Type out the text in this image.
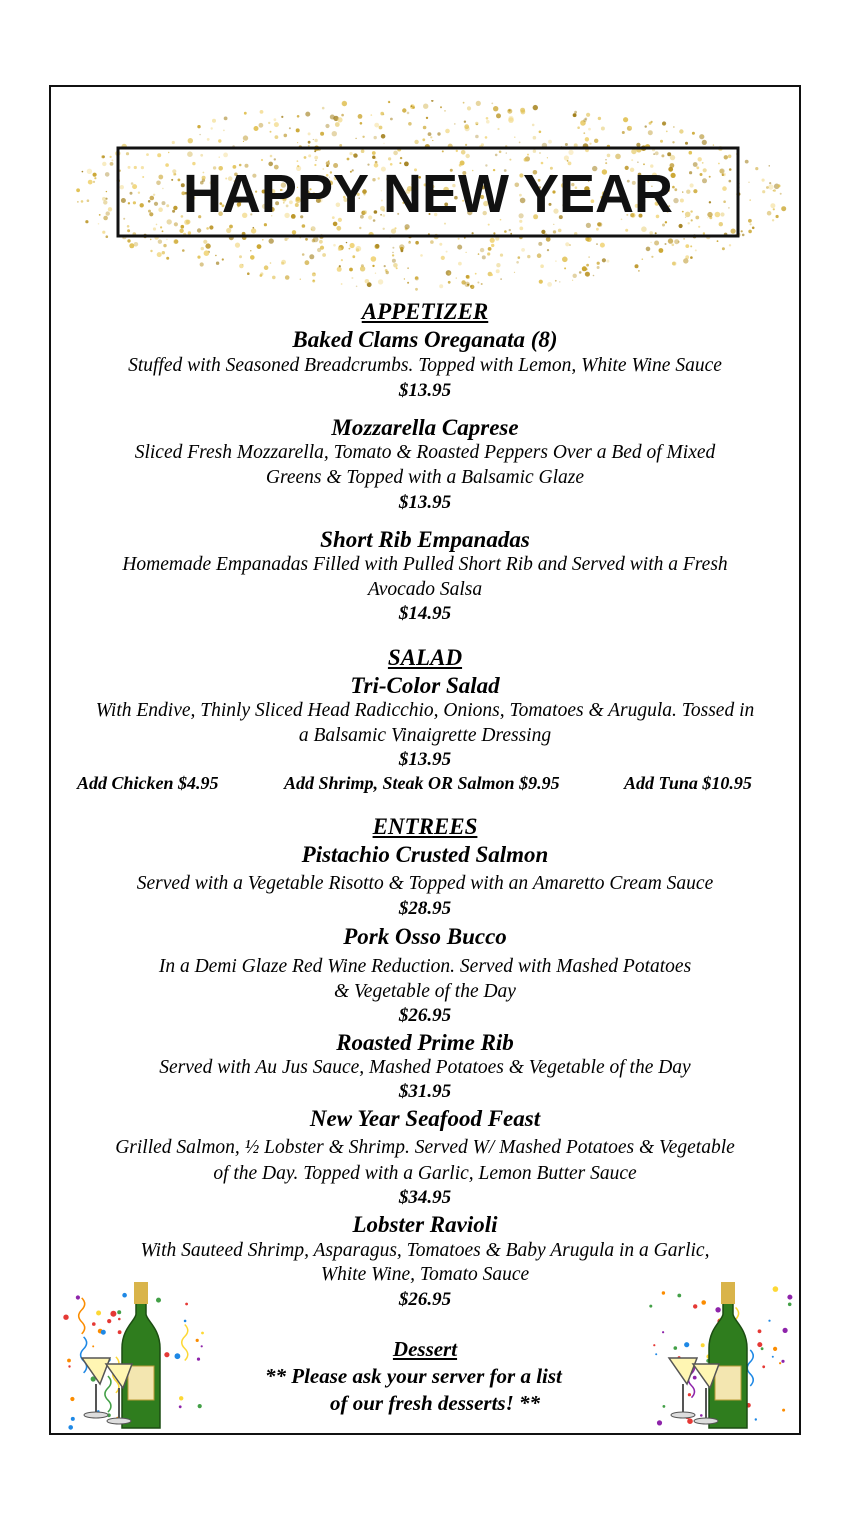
HAPPY NEW YEAR
APPETIZER
Baked Clams Oreganata (8)
Stuffed with Seasoned Breadcrumbs. Topped with Lemon, White Wine Sauce
$13.95
Mozzarella Caprese
Sliced Fresh Mozzarella, Tomato & Roasted Peppers Over a Bed of Mixed
Greens & Topped with a Balsamic Glaze
$13.95
Short Rib Empanadas
Homemade Empanadas Filled with Pulled Short Rib and Served with a Fresh
Avocado Salsa
$14.95
SALAD
Tri-Color Salad
With Endive, Thinly Sliced Head Radicchio, Onions, Tomatoes & Arugula. Tossed in
a Balsamic Vinaigrette Dressing
$13.95
Add Chicken $4.95	Add Shrimp, Steak OR Salmon $9.95	Add Tuna $10.95
ENTREES
Pistachio Crusted Salmon
Served with a Vegetable Risotto & Topped with an Amaretto Cream Sauce
$28.95
Pork Osso Bucco
In a Demi Glaze Red Wine Reduction. Served with Mashed Potatoes
& Vegetable of the Day
$26.95
Roasted Prime Rib
Served with Au Jus Sauce, Mashed Potatoes & Vegetable of the Day
$31.95
New Year Seafood Feast
Grilled Salmon, ½ Lobster & Shrimp. Served W/ Mashed Potatoes & Vegetable
of the Day. Topped with a Garlic, Lemon Butter Sauce
$34.95
Lobster Ravioli
With Sauteed Shrimp, Asparagus, Tomatoes & Baby Arugula in a Garlic,
White Wine, Tomato Sauce
$26.95
Dessert
** Please ask your server for a list
of our fresh desserts! **
